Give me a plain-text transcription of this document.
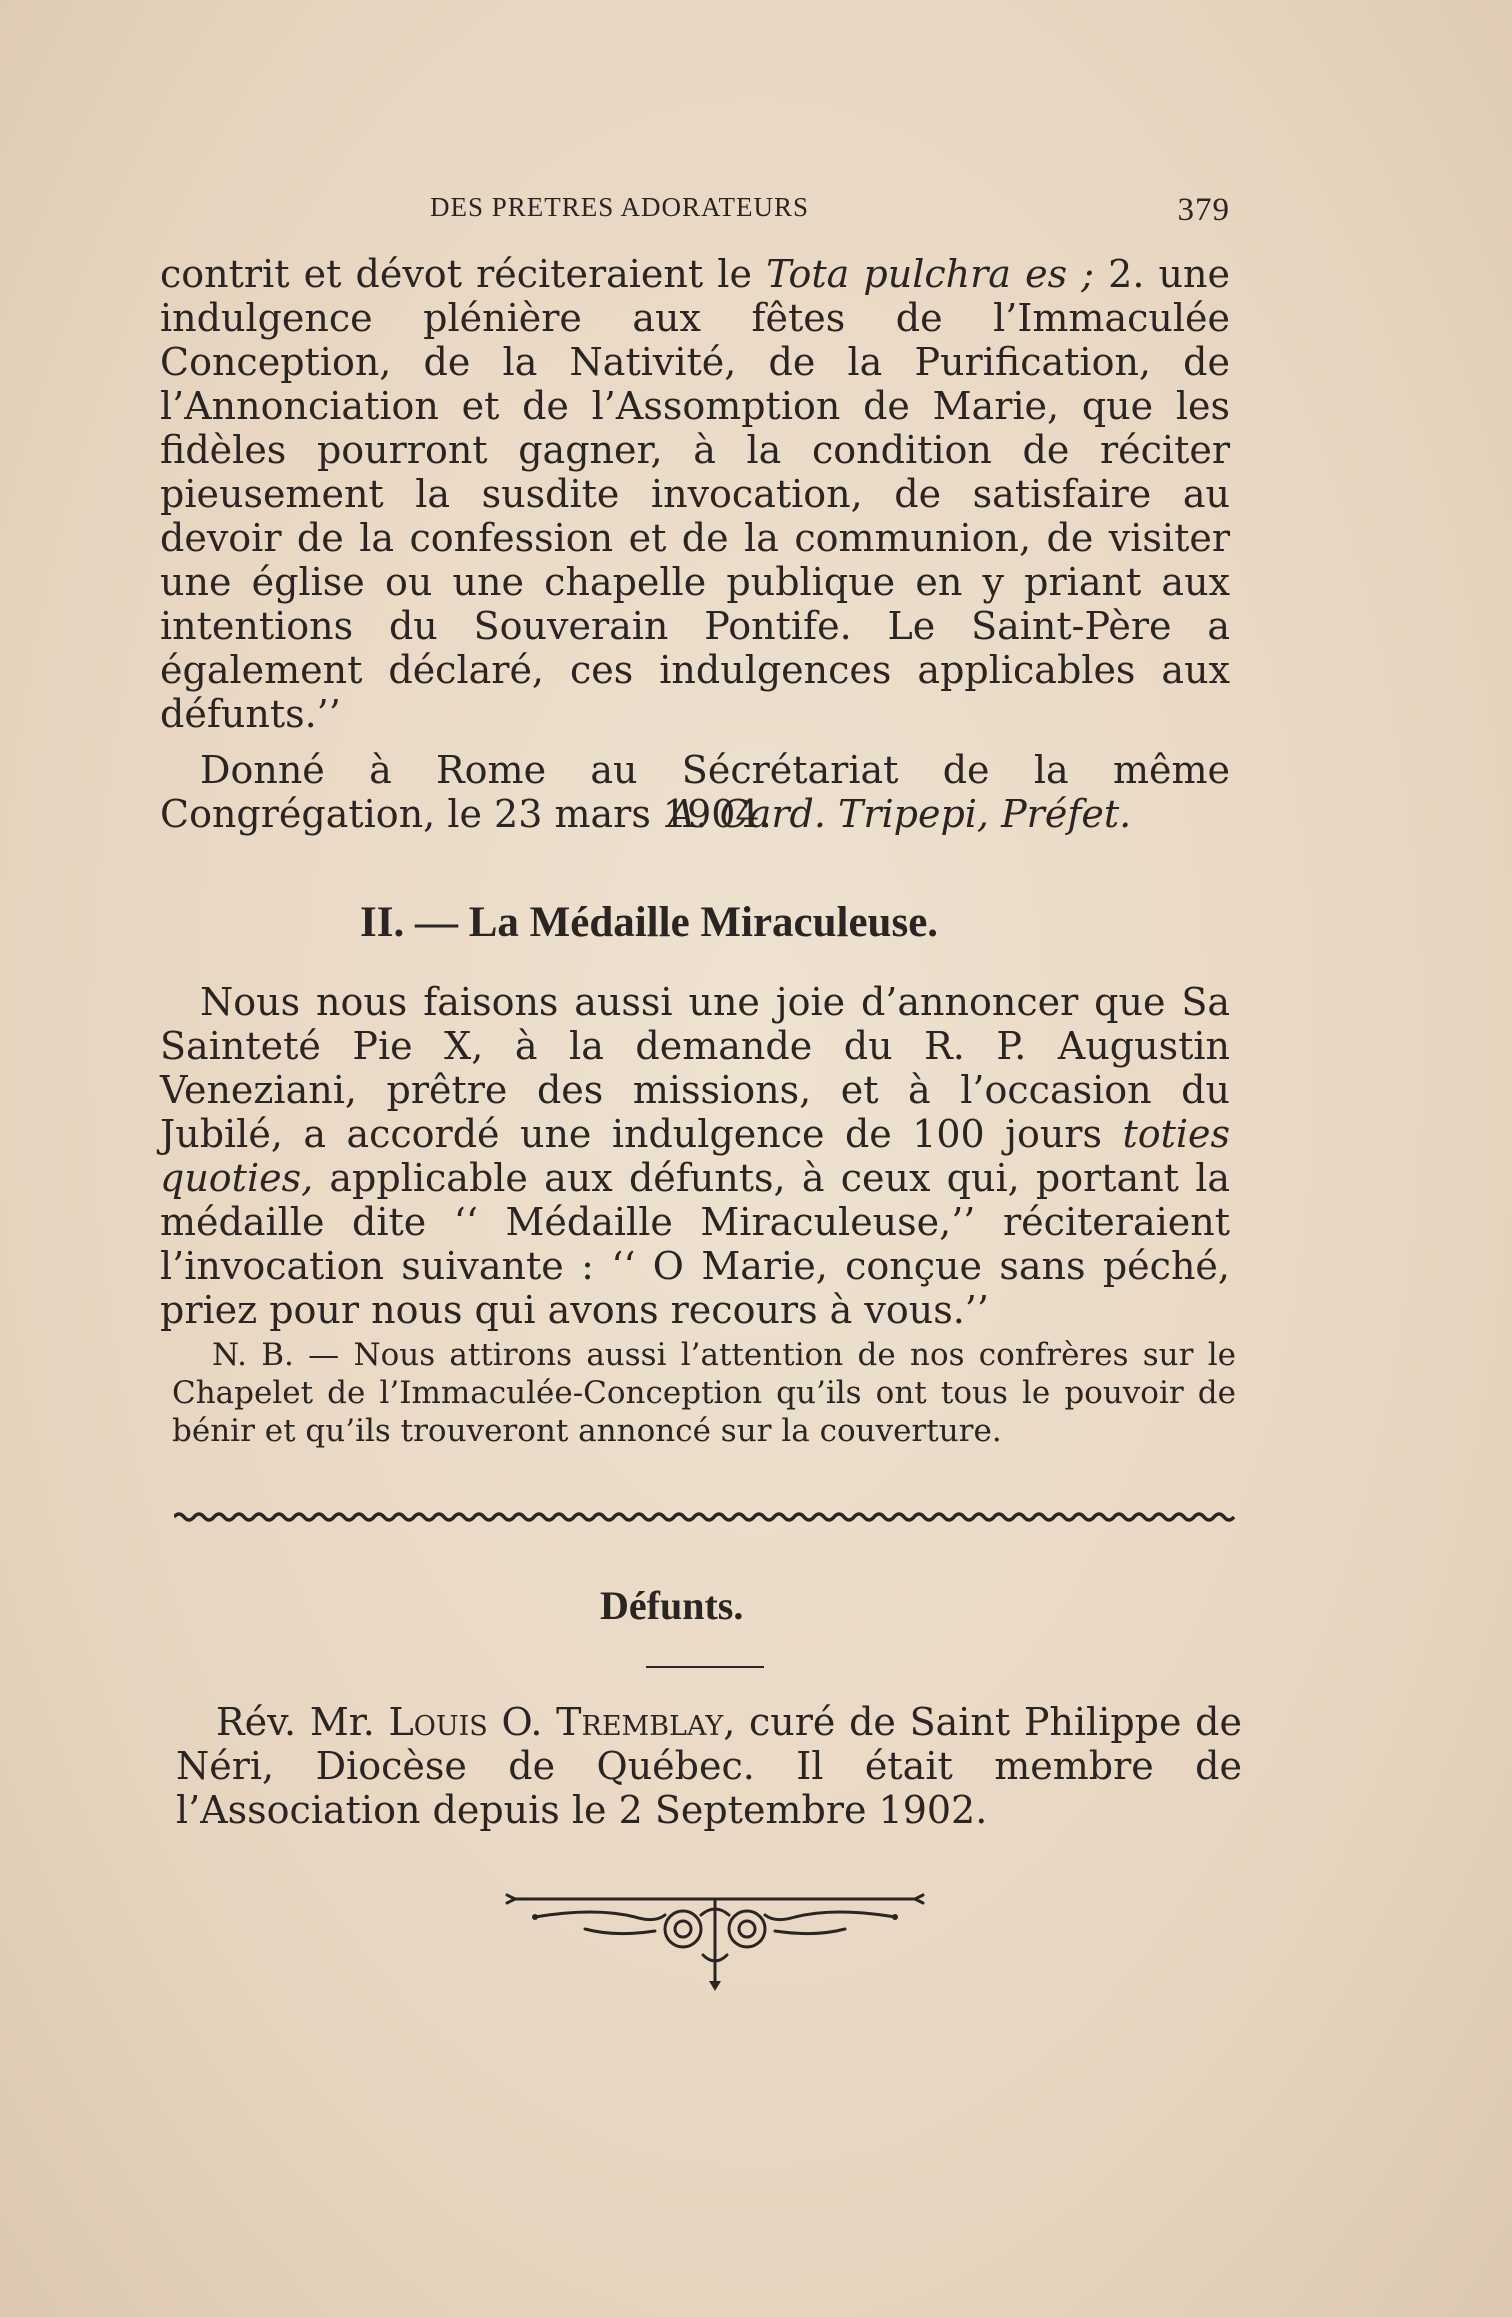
DES PRETRES ADORATEURS	379

contrit et dévot réciteraient le Tota pulchra es ; 2. une indulgence plénière aux fêtes de l’Immaculée Conception, de la Nativité, de la Purification, de l’Annonciation et de l’Assomption de Marie, que les fidèles pourront gagner, à la condition de réciter pieusement la susdite invocation, de satisfaire au devoir de la confession et de la communion, de visiter une église ou une chapelle publique en y priant aux intentions du Souverain Pontife. Le Saint-Père a également déclaré, ces indulgences applicables aux défunts.’’

Donné à Rome au Sécrétariat de la même Congrégation, le 23 mars 1904.

A. Card. Tripepi, Préfet.
II. — La Médaille Miraculeuse.

Nous nous faisons aussi une joie d’annoncer que Sa Sainteté Pie X, à la demande du R. P. Augustin Veneziani, prêtre des missions, et à l’occasion du Jubilé, a accordé une indulgence de 100 jours toties quoties, applicable aux défunts, à ceux qui, portant la médaille dite ‘‘ Médaille Miraculeuse,’’ réciteraient l’invocation suivante : ‘‘ O Marie, conçue sans péché, priez pour nous qui avons recours à vous.’’

N. B. — Nous attirons aussi l’attention de nos confrères sur le Chapelet de l’Immaculée-Conception qu’ils ont tous le pouvoir de bénir et qu’ils trouveront annoncé sur la couverture.

Défunts.

Rév. Mr. Louis O. Tremblay, curé de Saint Philippe de Néri, Diocèse de Québec. Il était membre de l’Association depuis le 2 Septembre 1902.
